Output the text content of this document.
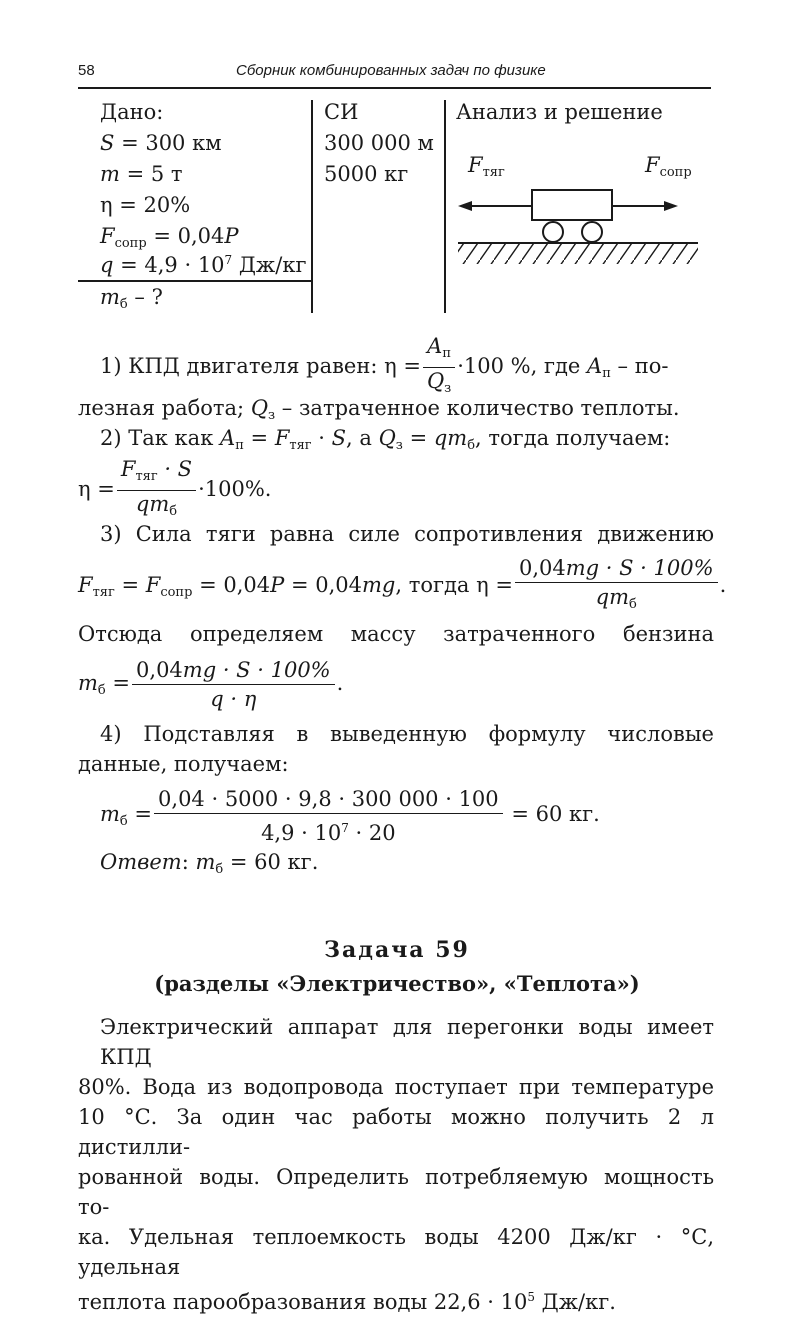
58	Сборник комбинированных задач по физике
Дано:
S = 300 км
m = 5 т
η = 20%
$F_{сопр} = 0,04P$
$q = 4,9 \cdot 10^7$ Дж/кг
$m_б$ – ?
СИ
300 000 м
5000 кг
Анализ и решение
$F_{тяг}$	$F_{сопр}$
1) КПД двигателя равен: $\eta = \frac{A_п}{Q_з} \cdot 100$ %, где $A_п - по-$
лезная работа; $Q_з$ – затраченное количество теплоты.
2) Так как $A_п = F_{тяг} \cdot S$, а $Q_з = qm_б$, тогда получаем:
$\eta = \frac{F_{тяг} \cdot S}{qm_б} \cdot 100\%$.
3) Сила тяги равна силе сопротивления движению
$F_{тяг} = F_{сопр} = 0,04P = 0,04mg$, тогда $\eta = \frac{0,04mg \cdot S \cdot 100\%}{qm_б}$ .
Отсюда определяем массу затраченного бензина
$m_б = \frac{0,04mg \cdot S \cdot 100\%}{q \cdot \eta}$ .
4) Подставляя в выведенную формулу числовые
данные, получаем:
$m_б = \frac{0,04 \cdot 5000 \cdot 9,8 \cdot 300 000 \cdot 100}{4,9 \cdot 10^7 \cdot 20} = 60$ кг.
Ответ: $m_б = 60$ кг.
Задача 59
(разделы «Электричество», «Теплота»)
Электрический аппарат для перегонки воды имеет КПД
80%. Вода из водопровода поступает при температуре
10 °С. За один час работы можно получить 2 л дистилли-
рованной воды. Определить потребляемую мощность то-
ка. Удельная теплоемкость воды 4200 Дж/кг · °С, удельная
теплота парообразования воды $22,6 \cdot 10^5$ Дж/кг.
